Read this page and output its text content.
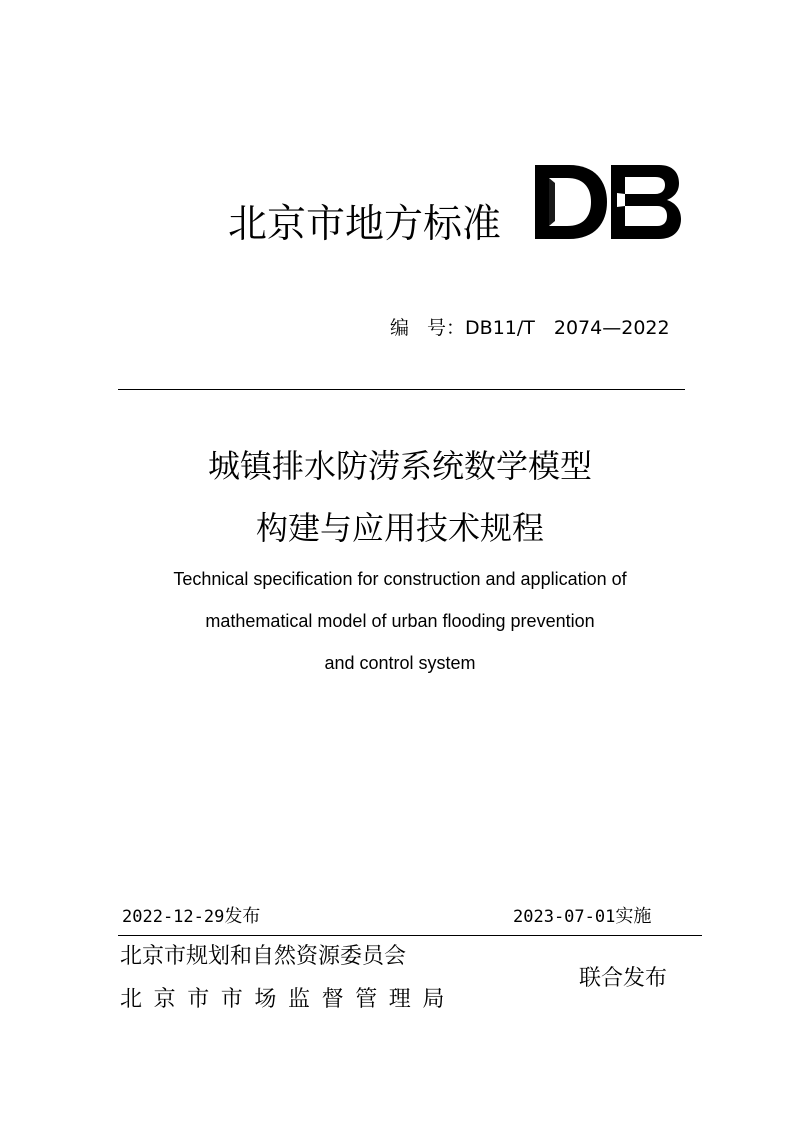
北京市地方标准
编 号：DB11/T　2074—2022
城镇排水防涝系统数学模型
构建与应用技术规程
Technical specification for construction and application of
mathematical model of urban flooding prevention
and control system
2022-12-29发布	2023-07-01实施
北京市规划和自然资源委员会
北京市市场监督管理局
联合发布
